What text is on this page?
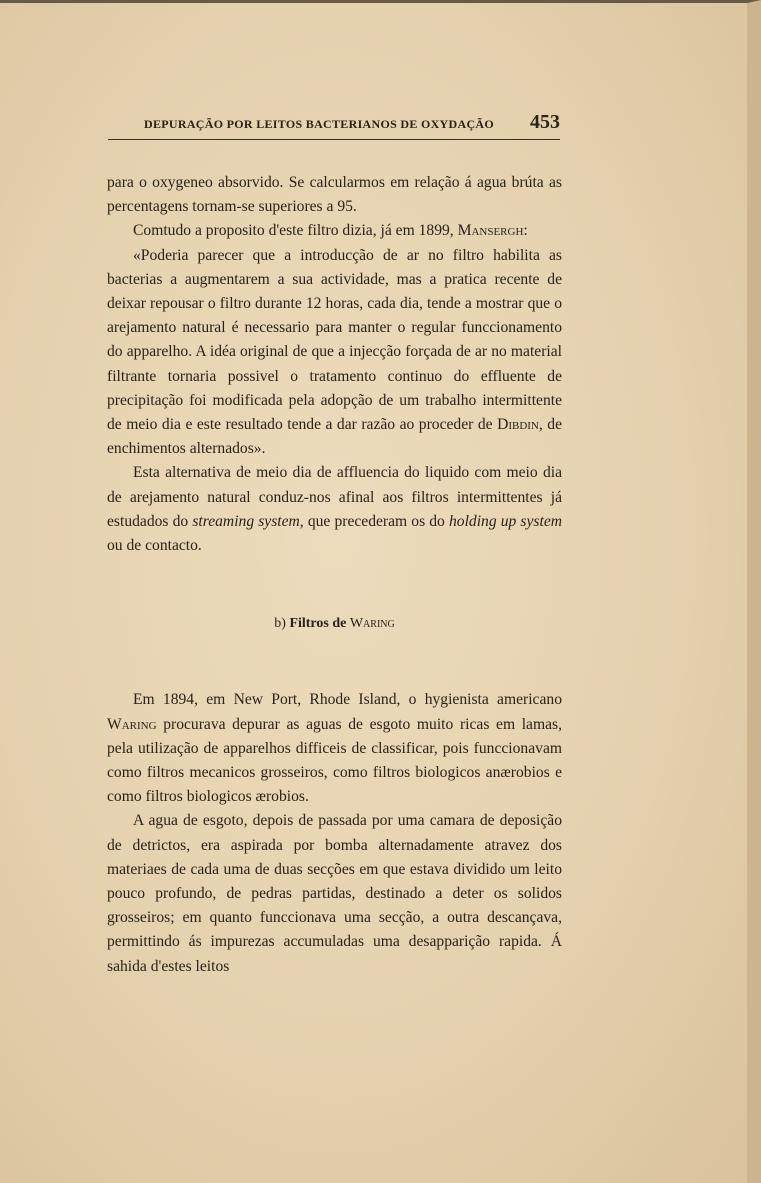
DEPURAÇÃO POR LEITOS BACTERIANOS DE OXYDAÇÃO 453

para o oxygeneo absorvido. Se calcularmos em relação á agua brúta as percentagens tornam-se superiores a 95.

Comtudo a proposito d'este filtro dizia, já em 1899, Mansergh:

«Poderia parecer que a introducção de ar no filtro habilita as bacterias a augmentarem a sua actividade, mas a pratica recente de deixar repousar o filtro durante 12 horas, cada dia, tende a mostrar que o arejamento natural é necessario para manter o regular funccionamento do apparelho. A idéa original de que a injecção forçada de ar no material filtrante tornaria possivel o tratamento continuo do effluente de precipitação foi modificada pela adopção de um trabalho intermittente de meio dia e este resultado tende a dar razão ao proceder de Dibdin, de enchimentos alternados».

Esta alternativa de meio dia de affluencia do liquido com meio dia de arejamento natural conduz-nos afinal aos filtros intermittentes já estudados do streaming system, que precederam os do holding up system ou de contacto.

b) Filtros de Waring

Em 1894, em New Port, Rhode Island, o hygienista americano Waring procurava depurar as aguas de esgoto muito ricas em lamas, pela utilização de apparelhos difficeis de classificar, pois funccionavam como filtros mecanicos grosseiros, como filtros biologicos anærobios e como filtros biologicos ærobios.

A agua de esgoto, depois de passada por uma camara de deposição de detrictos, era aspirada por bomba alternadamente atravez dos materiaes de cada uma de duas secções em que estava dividido um leito pouco profundo, de pedras partidas, destinado a deter os solidos grosseiros; em quanto funccionava uma secção, a outra descançava, permittindo ás impurezas accumuladas uma desapparição rapida. Á sahida d'estes leitos
